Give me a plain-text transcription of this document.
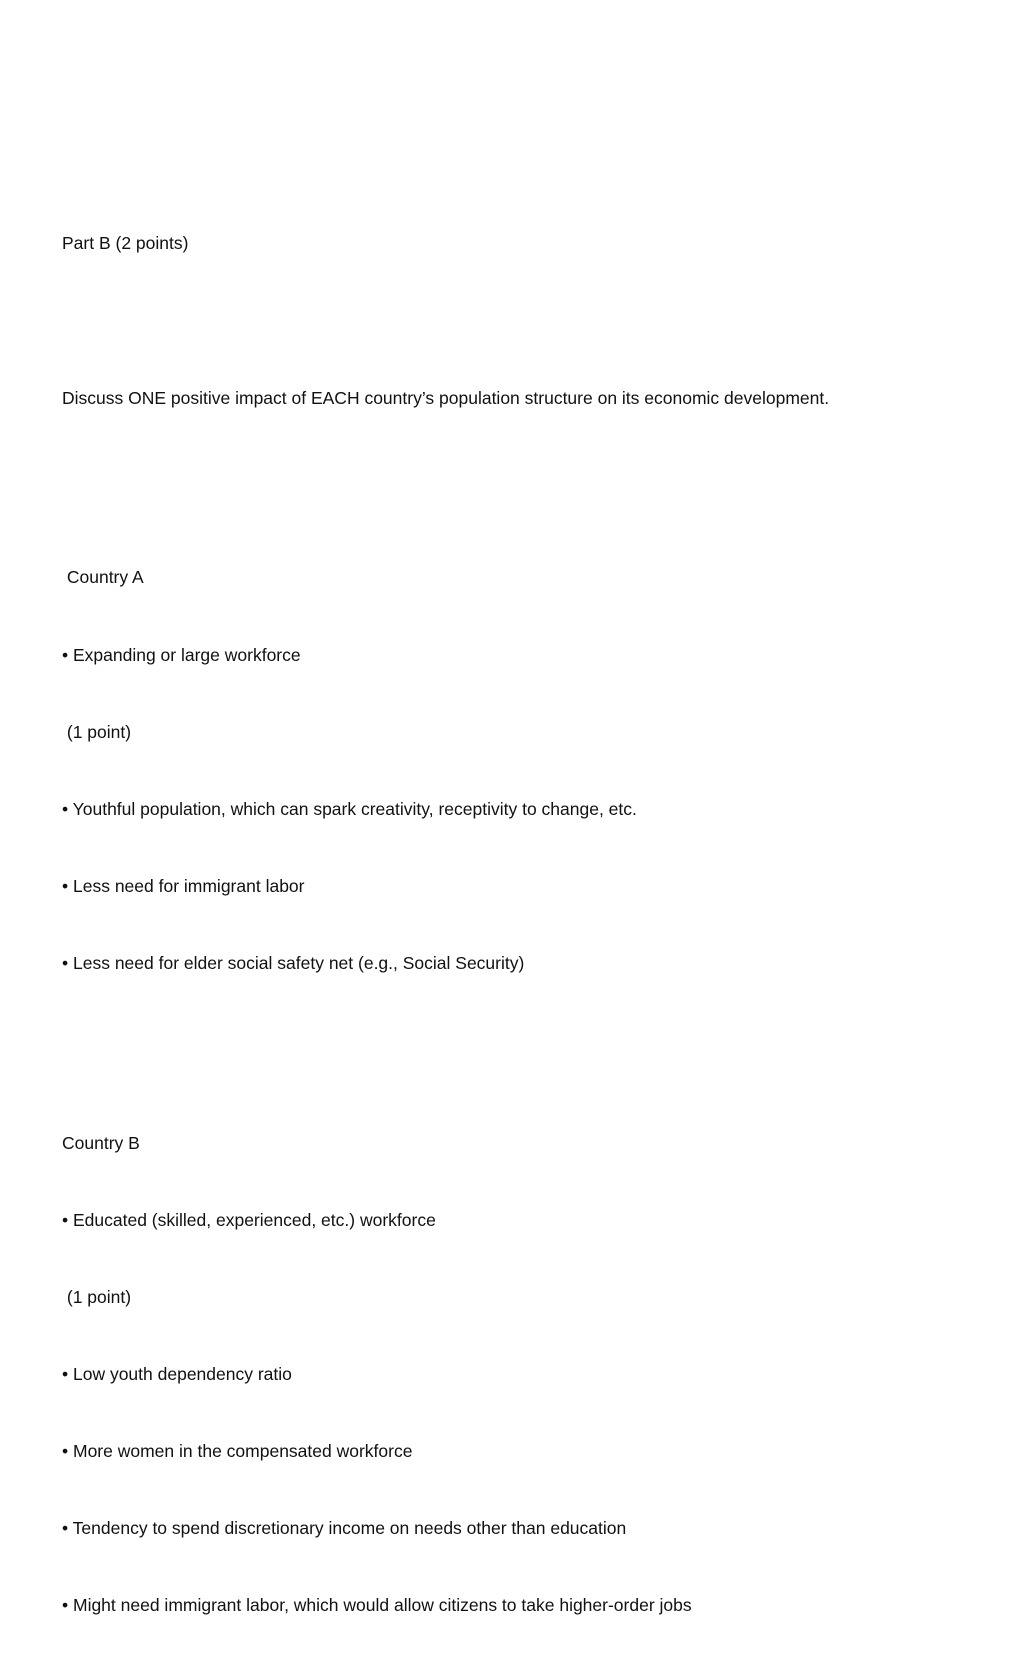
Part B (2 points)

Discuss ONE positive impact of EACH country’s population structure on its economic development.

Country A

• Expanding or large workforce

(1 point)

• Youthful population, which can spark creativity, receptivity to change, etc.

• Less need for immigrant labor

• Less need for elder social safety net (e.g., Social Security)

Country B

• Educated (skilled, experienced, etc.) workforce

(1 point)

• Low youth dependency ratio

• More women in the compensated workforce

• Tendency to spend discretionary income on needs other than education

• Might need immigrant labor, which would allow citizens to take higher-order jobs
